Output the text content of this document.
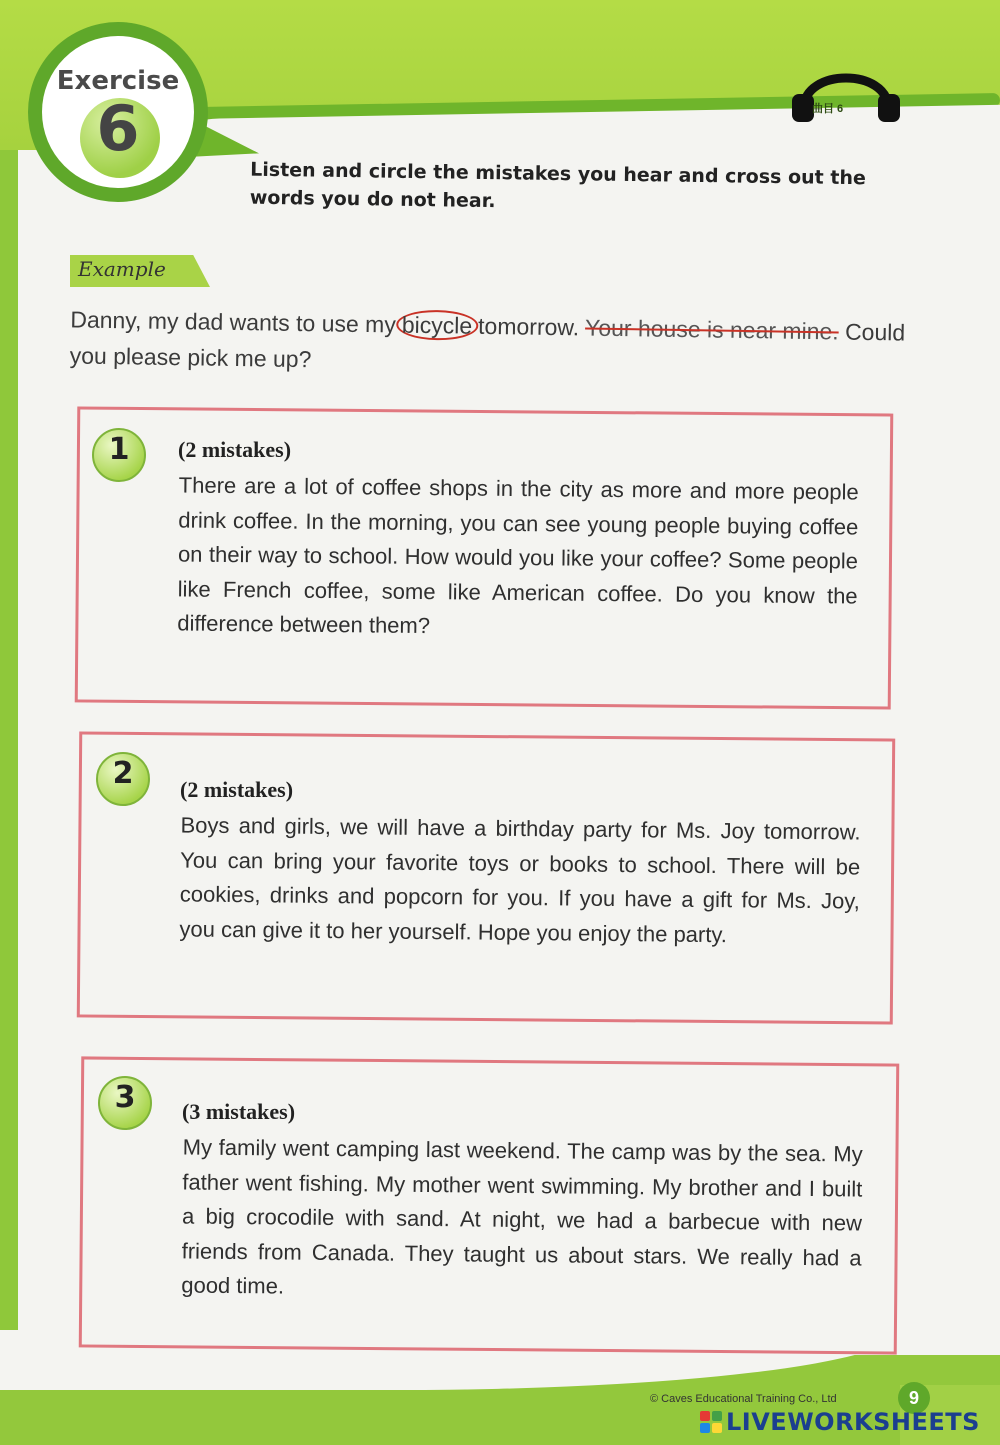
Exercise
6	曲目 6
Listen and circle the mistakes you hear and cross out the words you do not hear.
Example
Danny, my dad wants to use my bicycle tomorrow. Your house is near mine. Could you please pick me up?
1	(2 mistakes)
There are a lot of coffee shops in the city as more and more people drink coffee. In the morning, you can see young people buying coffee on their way to school. How would you like your coffee? Some people like French coffee, some like American coffee. Do you know the difference between them?
2	(2 mistakes)
Boys and girls, we will have a birthday party for Ms. Joy tomorrow. You can bring your favorite toys or books to school. There will be cookies, drinks and popcorn for you. If you have a gift for Ms. Joy, you can give it to her yourself. Hope you enjoy the party.
3	(3 mistakes)
My family went camping last weekend. The camp was by the sea. My father went fishing. My mother went swimming. My brother and I built a big crocodile with sand. At night, we had a barbecue with new friends from Canada. They taught us about stars. We really had a good time.
© Caves Educational Training Co., Ltd	9
LIVEWORKSHEETS
